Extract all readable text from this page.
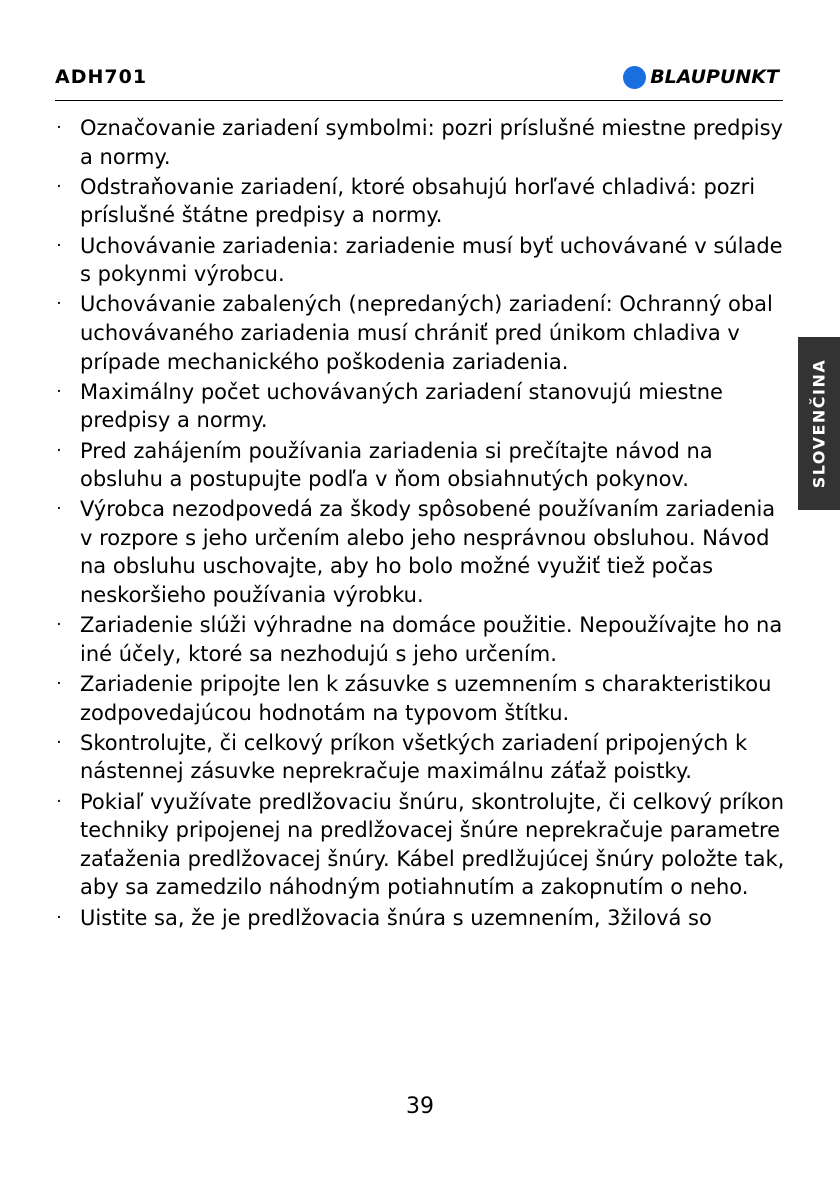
ADH701	BLAUPUNKT
· Označovanie zariadení symbolmi: pozri príslušné miestne predpisy a normy.
· Odstraňovanie zariadení, ktoré obsahujú horľavé chladivá: pozri príslušné štátne predpisy a normy.
· Uchovávanie zariadenia: zariadenie musí byť uchovávané v súlade s pokynmi výrobcu.
· Uchovávanie zabalených (nepredaných) zariadení: Ochranný obal uchovávaného zariadenia musí chrániť pred únikom chladiva v prípade mechanického poškodenia zariadenia.
· Maximálny počet uchovávaných zariadení stanovujú miestne predpisy a normy.
· Pred zahájením používania zariadenia si prečítajte návod na obsluhu a postupujte podľa v ňom obsiahnutých pokynov.
· Výrobca nezodpovedá za škody spôsobené používaním zariadenia v rozpore s jeho určením alebo jeho nesprávnou obsluhou. Návod na obsluhu uschovajte, aby ho bolo možné využiť tiež počas neskoršieho používania výrobku.
· Zariadenie slúži výhradne na domáce použitie. Nepoužívajte ho na iné účely, ktoré sa nezhodujú s jeho určením.
· Zariadenie pripojte len k zásuvke s uzemnením s charakteristikou zodpovedajúcou hodnotám na typovom štítku.
· Skontrolujte, či celkový príkon všetkých zariadení pripojených k nástennej zásuvke neprekračuje maximálnu záťaž poistky.
· Pokiaľ využívate predlžovaciu šnúru, skontrolujte, či celkový príkon techniky pripojenej na predlžovacej šnúre neprekračuje parametre zaťaženia predlžovacej šnúry. Kábel predlžujúcej šnúry položte tak, aby sa zamedzilo náhodným potiahnutím a zakopnutím o neho.
· Uistite sa, že je predlžovacia šnúra s uzemnením, 3žilová so
SLOVENČINA
39
